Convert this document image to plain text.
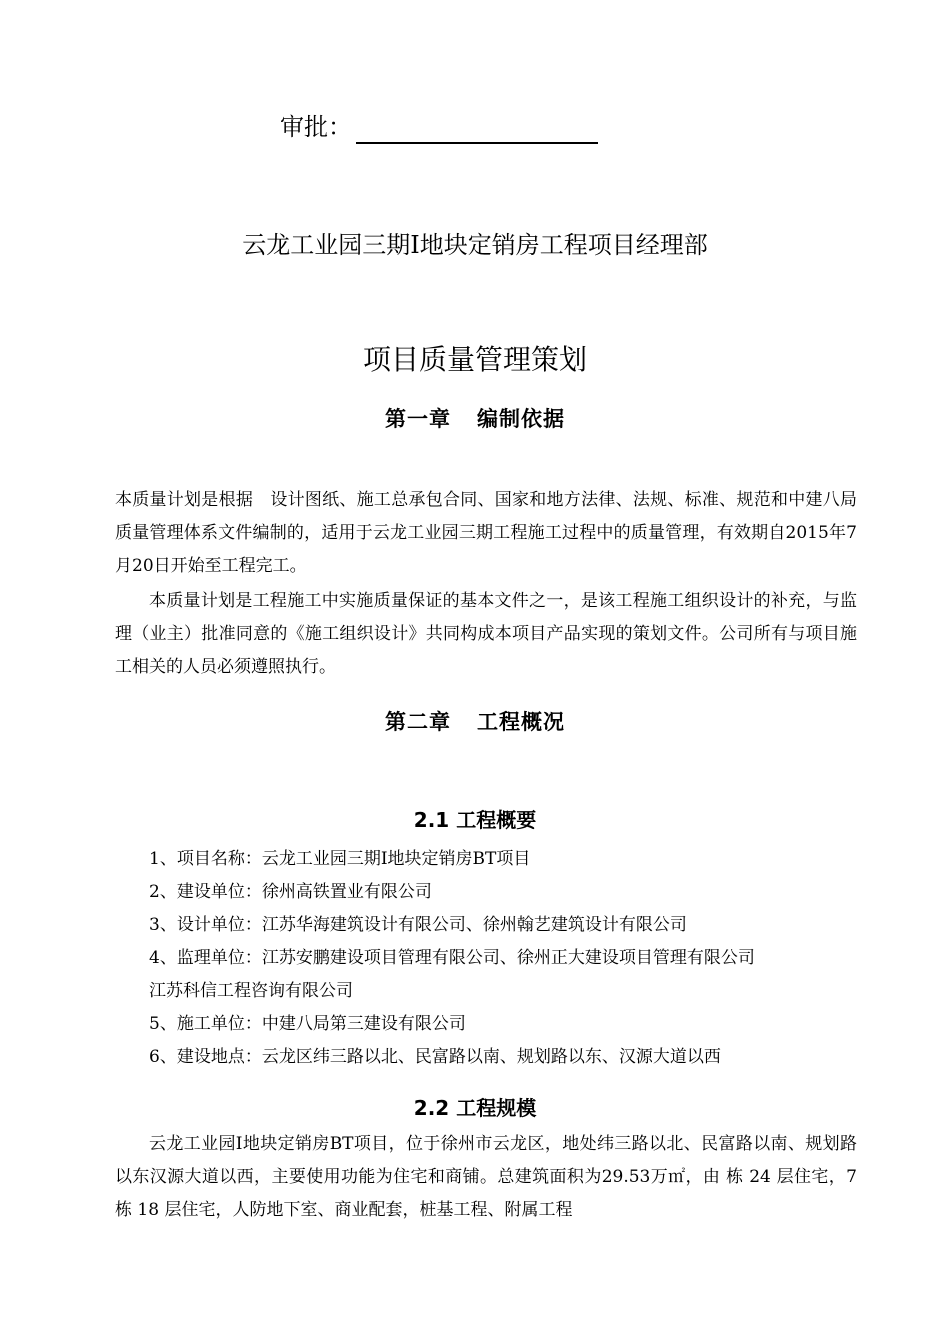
审批：
云龙工业园三期I地块定销房工程项目经理部
项目质量管理策划
第一章 编制依据

本质量计划是根据　设计图纸、施工总承包合同、国家和地方法律、法规、标准、规范和中建八局质量管理体系文件编制的，适用于云龙工业园三期工程施工过程中的质量管理，有效期自2015年7月20日开始至工程完工。

本质量计划是工程施工中实施质量保证的基本文件之一，是该工程施工组织设计的补充，与监理（业主）批准同意的《施工组织设计》共同构成本项目产品实现的策划文件。公司所有与项目施工相关的人员必须遵照执行。

第二章 工程概况
2.1 工程概要
1、项目名称：云龙工业园三期I地块定销房BT项目
2、建设单位：徐州高铁置业有限公司
3、设计单位：江苏华海建筑设计有限公司、徐州翰艺建筑设计有限公司
4、监理单位：江苏安鹏建设项目管理有限公司、徐州正大建设项目管理有限公司
江苏科信工程咨询有限公司
5、施工单位：中建八局第三建设有限公司
6、建设地点：云龙区纬三路以北、民富路以南、规划路以东、汉源大道以西
2.2 工程规模

云龙工业园I地块定销房BT项目，位于徐州市云龙区，地处纬三路以北、民富路以南、规划路以东汉源大道以西，主要使用功能为住宅和商铺。总建筑面积为29.53万㎡，由 栋 24 层住宅，7 栋 18 层住宅，人防地下室、商业配套，桩基工程、附属工程
